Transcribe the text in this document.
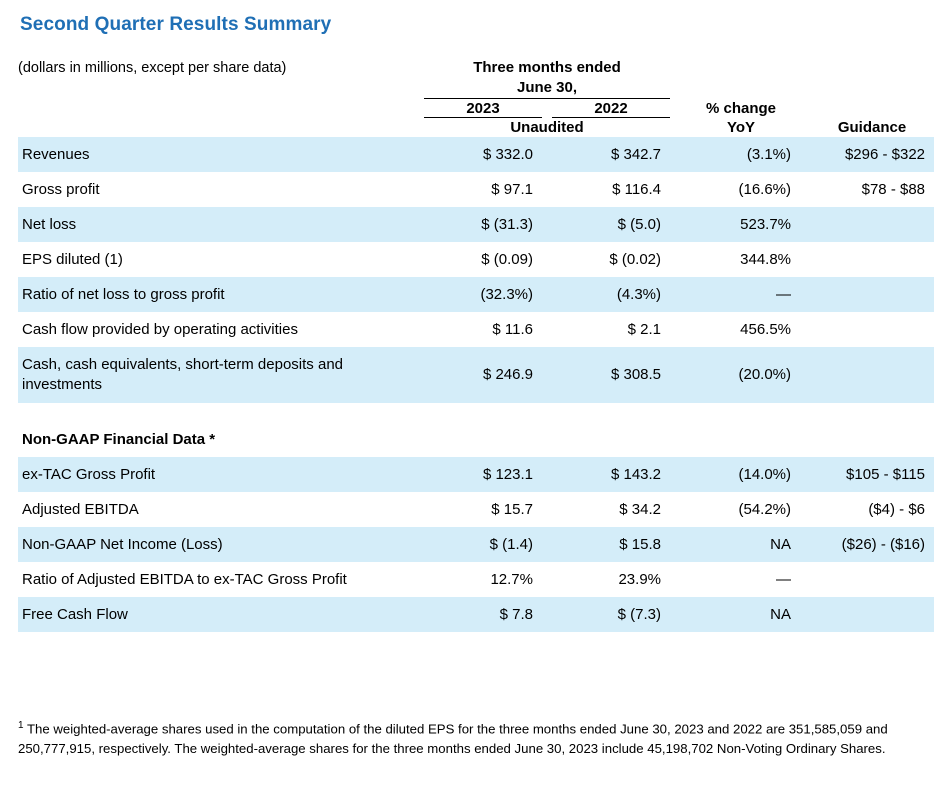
Second Quarter Results Summary
(dollars in millions, except per share data)	Three months ended						
	June 30,						
	2023		2022		% change
YoY		
	Unaudited						Guidance
Revenues	$ 332.0		$ 342.7		(3.1%)		$296 - $322
Gross profit	$ 97.1		$ 116.4		(16.6%)		$78 - $88
Net loss	$ (31.3)		$ (5.0)		523.7%		
EPS diluted (1)	$ (0.09)		$ (0.02)		344.8%		
Ratio of net loss to gross profit	(32.3%)		(4.3%)		—		
Cash flow provided by operating activities	$ 11.6		$ 2.1		456.5%		

Cash, cash equivalents, short-term deposits and investments	$ 246.9		$ 308.5		(20.0%)		

Non-GAAP Financial Data *							
ex-TAC Gross Profit	$ 123.1		$ 143.2		(14.0%)		$105 - $115
Adjusted EBITDA	$ 15.7		$ 34.2		(54.2%)		($4) - $6
Non-GAAP Net Income (Loss)	$ (1.4)		$ 15.8		NA		($26) - ($16)
Ratio of Adjusted EBITDA to ex-TAC Gross Profit	12.7%		23.9%		—		
Free Cash Flow	$ 7.8		$ (7.3)		NA		
$^1$ The weighted-average shares used in the computation of the diluted EPS for the three months ended June 30, 2023 and 2022 are 351,585,059 and 250,777,915, respectively. The weighted-average shares for the three months ended June 30, 2023 include 45,198,702 Non-Voting Ordinary Shares.
